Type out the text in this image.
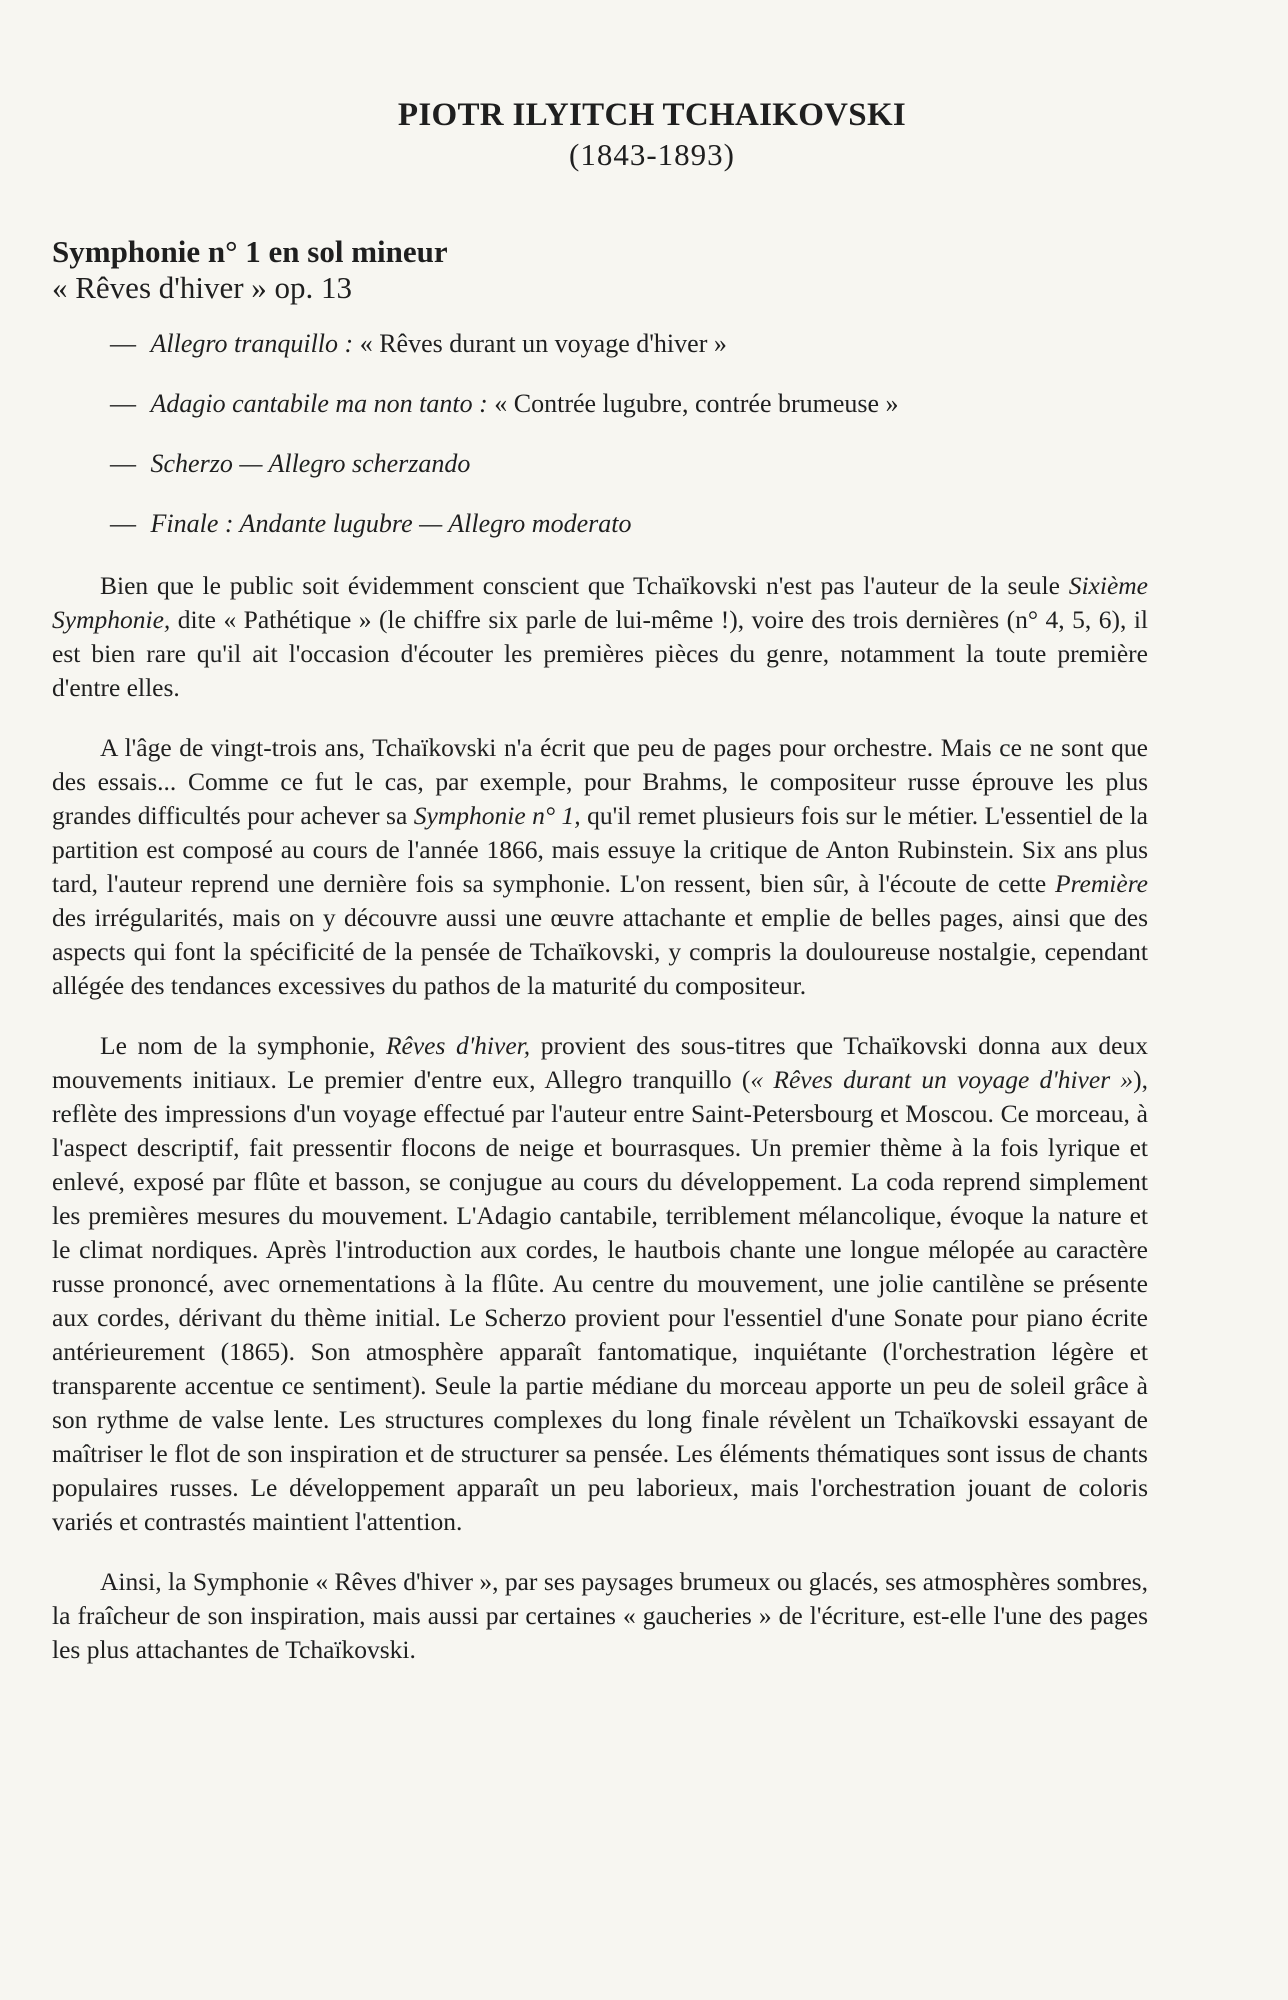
PIOTR ILYITCH TCHAIKOVSKI
(1843-1893)
Symphonie n° 1 en sol mineur
« Rêves d'hiver » op. 13
— Allegro tranquillo : « Rêves durant un voyage d'hiver »
— Adagio cantabile ma non tanto : « Contrée lugubre, contrée brumeuse »
— Scherzo — Allegro scherzando
— Finale : Andante lugubre — Allegro moderato

Bien que le public soit évidemment conscient que Tchaïkovski n'est pas l'auteur de la seule Sixième Symphonie, dite « Pathétique » (le chiffre six parle de lui-même !), voire des trois dernières (n° 4, 5, 6), il est bien rare qu'il ait l'occasion d'écouter les premières pièces du genre, notamment la toute première d'entre elles.

A l'âge de vingt-trois ans, Tchaïkovski n'a écrit que peu de pages pour orchestre. Mais ce ne sont que des essais... Comme ce fut le cas, par exemple, pour Brahms, le compositeur russe éprouve les plus grandes difficultés pour achever sa Symphonie n° 1, qu'il remet plusieurs fois sur le métier. L'essentiel de la partition est composé au cours de l'année 1866, mais essuye la critique de Anton Rubinstein. Six ans plus tard, l'auteur reprend une dernière fois sa symphonie. L'on ressent, bien sûr, à l'écoute de cette Première des irrégularités, mais on y découvre aussi une œuvre attachante et emplie de belles pages, ainsi que des aspects qui font la spécificité de la pensée de Tchaïkovski, y compris la douloureuse nostalgie, cependant allégée des tendances excessives du pathos de la maturité du compositeur.

Le nom de la symphonie, Rêves d'hiver, provient des sous-titres que Tchaïkovski donna aux deux mouvements initiaux. Le premier d'entre eux, Allegro tranquillo (« Rêves durant un voyage d'hiver »), reflète des impressions d'un voyage effectué par l'auteur entre Saint-Petersbourg et Moscou. Ce morceau, à l'aspect descriptif, fait pressentir flocons de neige et bourrasques. Un premier thème à la fois lyrique et enlevé, exposé par flûte et basson, se conjugue au cours du développement. La coda reprend simplement les premières mesures du mouvement. L'Adagio cantabile, terriblement mélancolique, évoque la nature et le climat nordiques. Après l'introduction aux cordes, le hautbois chante une longue mélopée au caractère russe prononcé, avec ornementations à la flûte. Au centre du mouvement, une jolie cantilène se présente aux cordes, dérivant du thème initial. Le Scherzo provient pour l'essentiel d'une Sonate pour piano écrite antérieurement (1865). Son atmosphère apparaît fantomatique, inquiétante (l'orchestration légère et transparente accentue ce sentiment). Seule la partie médiane du morceau apporte un peu de soleil grâce à son rythme de valse lente. Les structures complexes du long finale révèlent un Tchaïkovski essayant de maîtriser le flot de son inspiration et de structurer sa pensée. Les éléments thématiques sont issus de chants populaires russes. Le développement apparaît un peu laborieux, mais l'orchestration jouant de coloris variés et contrastés maintient l'attention.

Ainsi, la Symphonie « Rêves d'hiver », par ses paysages brumeux ou glacés, ses atmosphères sombres, la fraîcheur de son inspiration, mais aussi par certaines « gaucheries » de l'écriture, est-elle l'une des pages les plus attachantes de Tchaïkovski.
